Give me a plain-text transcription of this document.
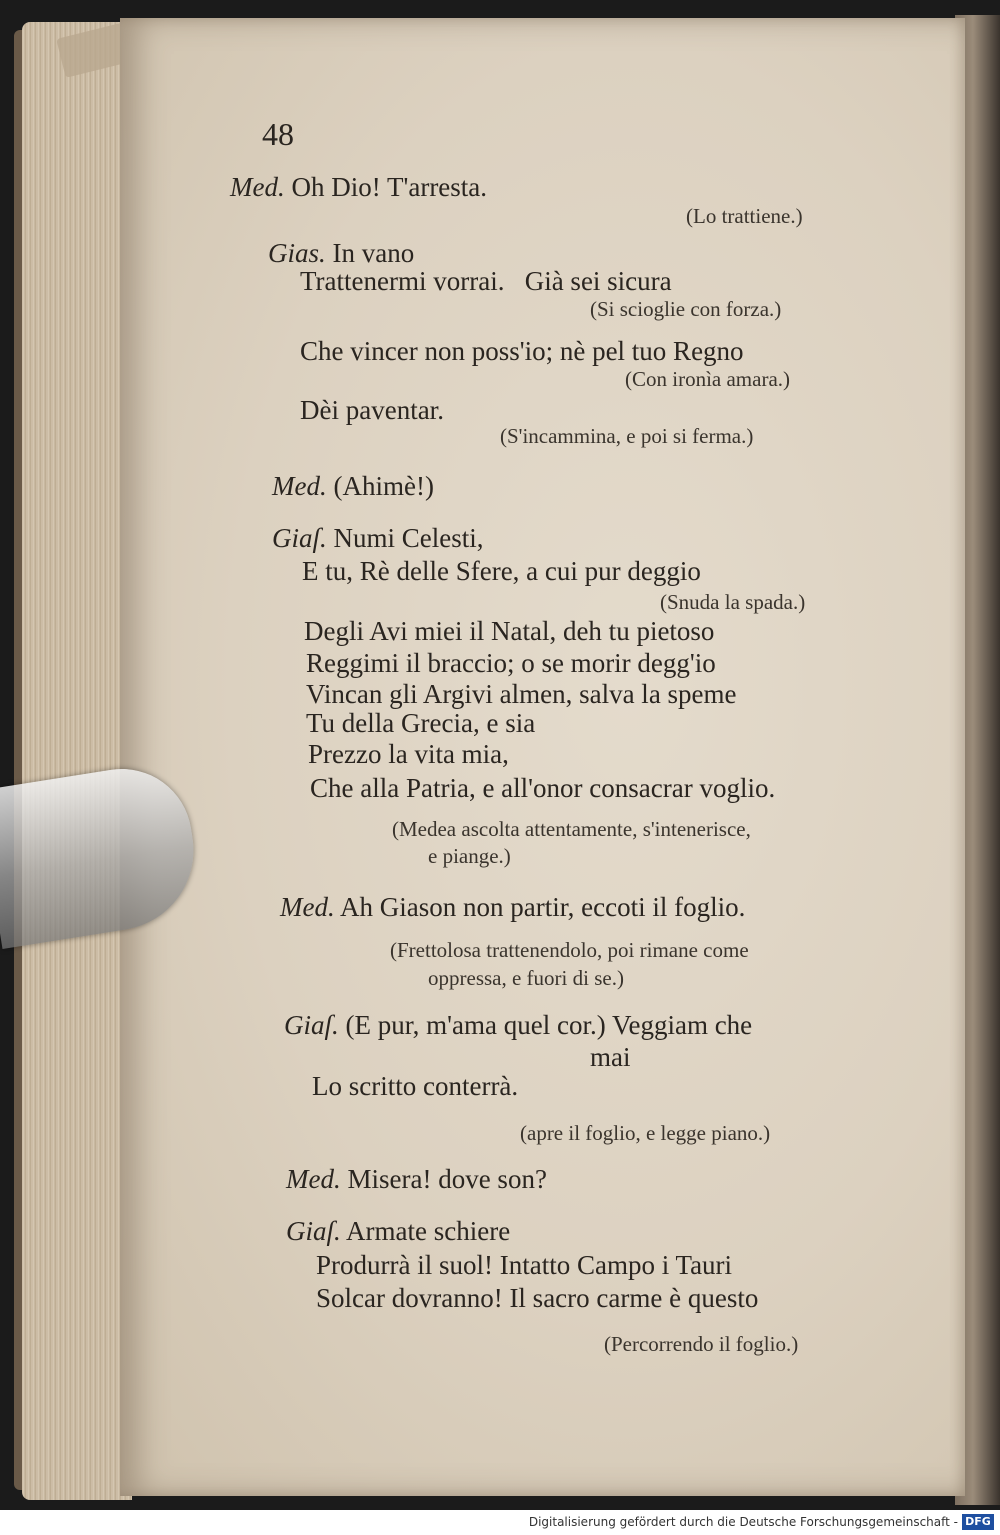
48
Med. Oh Dio! T'arresta.
(Lo trattiene.)
Gias. In vano
Trattenermi vorrai.   Già sei sicura
(Si scioglie con forza.)
Che vincer non poss'io; nè pel tuo Regno
(Con ironìa amara.)
Dèi paventar.
(S'incammina, e poi si ferma.)
Med. (Ahimè!)
Giaſ. Numi Celesti,
E tu, Rè delle Sfere, a cui pur deggio
(Snuda la spada.)
Degli Avi miei il Natal, deh tu pietoso
Reggimi il braccio; o se morir degg'io
Vincan gli Argivi almen, salva la speme
Tu della Grecia, e sia
Prezzo la vita mia,
Che alla Patria, e all'onor consacrar voglio.
(Medea ascolta attentamente, s'intenerisce,
e piange.)
Med. Ah Giason non partir, eccoti il foglio.
(Frettolosa trattenendolo, poi rimane come
oppressa, e fuori di se.)
Giaſ. (E pur, m'ama quel cor.) Veggiam che
mai
Lo scritto conterrà.
(apre il foglio, e legge piano.)
Med. Misera! dove son?
Giaſ. Armate schiere
Produrrà il suol! Intatto Campo i Tauri
Solcar dovranno! Il sacro carme è questo
(Percorrendo il foglio.)
Digitalisierung gefördert durch die Deutsche Forschungsgemeinschaft - DFG
